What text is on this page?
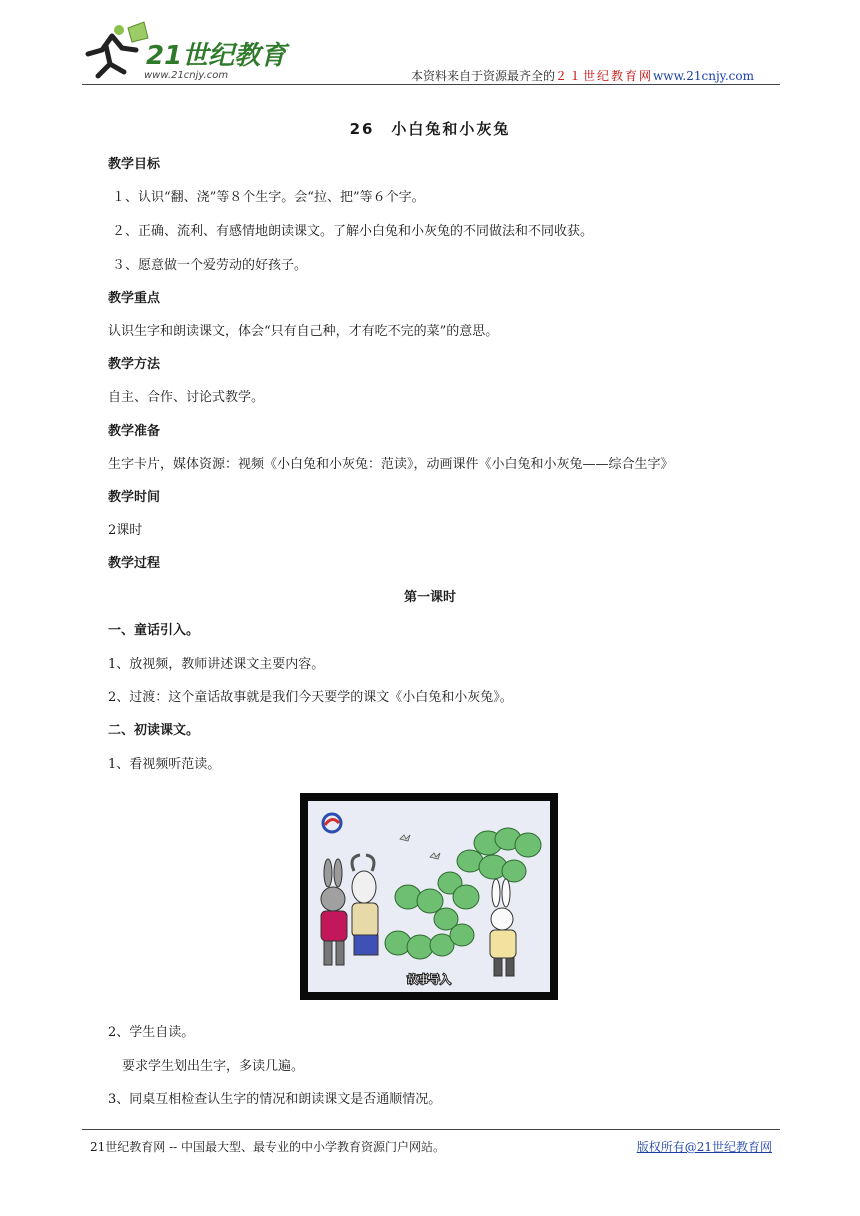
21世纪教育
www.21cnjy.com	本资料来自于资源最齐全的２１世纪教育网www.21cnjy.com
26　小白兔和小灰兔
教学目标
１、认识“翻、浇”等８个生字。会“拉、把”等６个字。
２、正确、流利、有感情地朗读课文。了解小白兔和小灰兔的不同做法和不同收获。
３、愿意做一个爱劳动的好孩子。
教学重点
认识生字和朗读课文，体会“只有自己种，才有吃不完的菜”的意思。
教学方法
自主、合作、讨论式教学。
教学准备
生字卡片，媒体资源：视频《小白兔和小灰兔：范读》，动画课件《小白兔和小灰兔——综合生字》
教学时间
2课时
教学过程
第一课时
一、童话引入。
1、放视频，教师讲述课文主要内容。
2、过渡：这个童话故事就是我们今天要学的课文《小白兔和小灰兔》。
二、初读课文。
1、看视频听范读。
故事导入
2、学生自读。
要求学生划出生字，多读几遍。
3、同桌互相检查认生字的情况和朗读课文是否通顺情况。
21世纪教育网 -- 中国最大型、最专业的中小学教育资源门户网站。	版权所有@21世纪教育网
